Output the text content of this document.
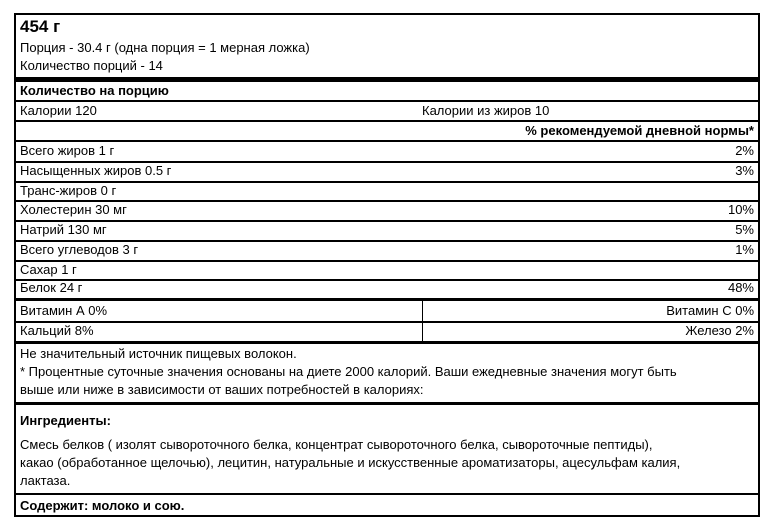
454 г
Порция - 30.4 г (одна порция = 1 мерная ложка)
Количество порций - 14
Количество на порцию
Калории 120	Калории из жиров 10
% рекомендуемой дневной нормы*
Всего жиров 1 г	2%
Насыщенных жиров 0.5 г	3%
Транс-жиров 0 г
Холестерин 30 мг	10%
Натрий 130 мг	5%
Всего углеводов 3 г	1%
Сахар 1 г
Белок 24 г	48%
Витамин А 0%	Витамин С 0%
Кальций 8%	Железо 2%
Не значительный источник пищевых волокон.
* Процентные суточные значения основаны на диете 2000 калорий. Ваши ежедневные значения могут быть
выше или ниже в зависимости от ваших потребностей в калориях:
Ингредиенты:
Смесь белков ( изолят сывороточного белка, концентрат сывороточного белка, сывороточные пептиды),
какао (обработанное щелочью), лецитин, натуральные и искусственные ароматизаторы, ацесульфам калия,
лактаза.
Содержит: молоко и сою.
